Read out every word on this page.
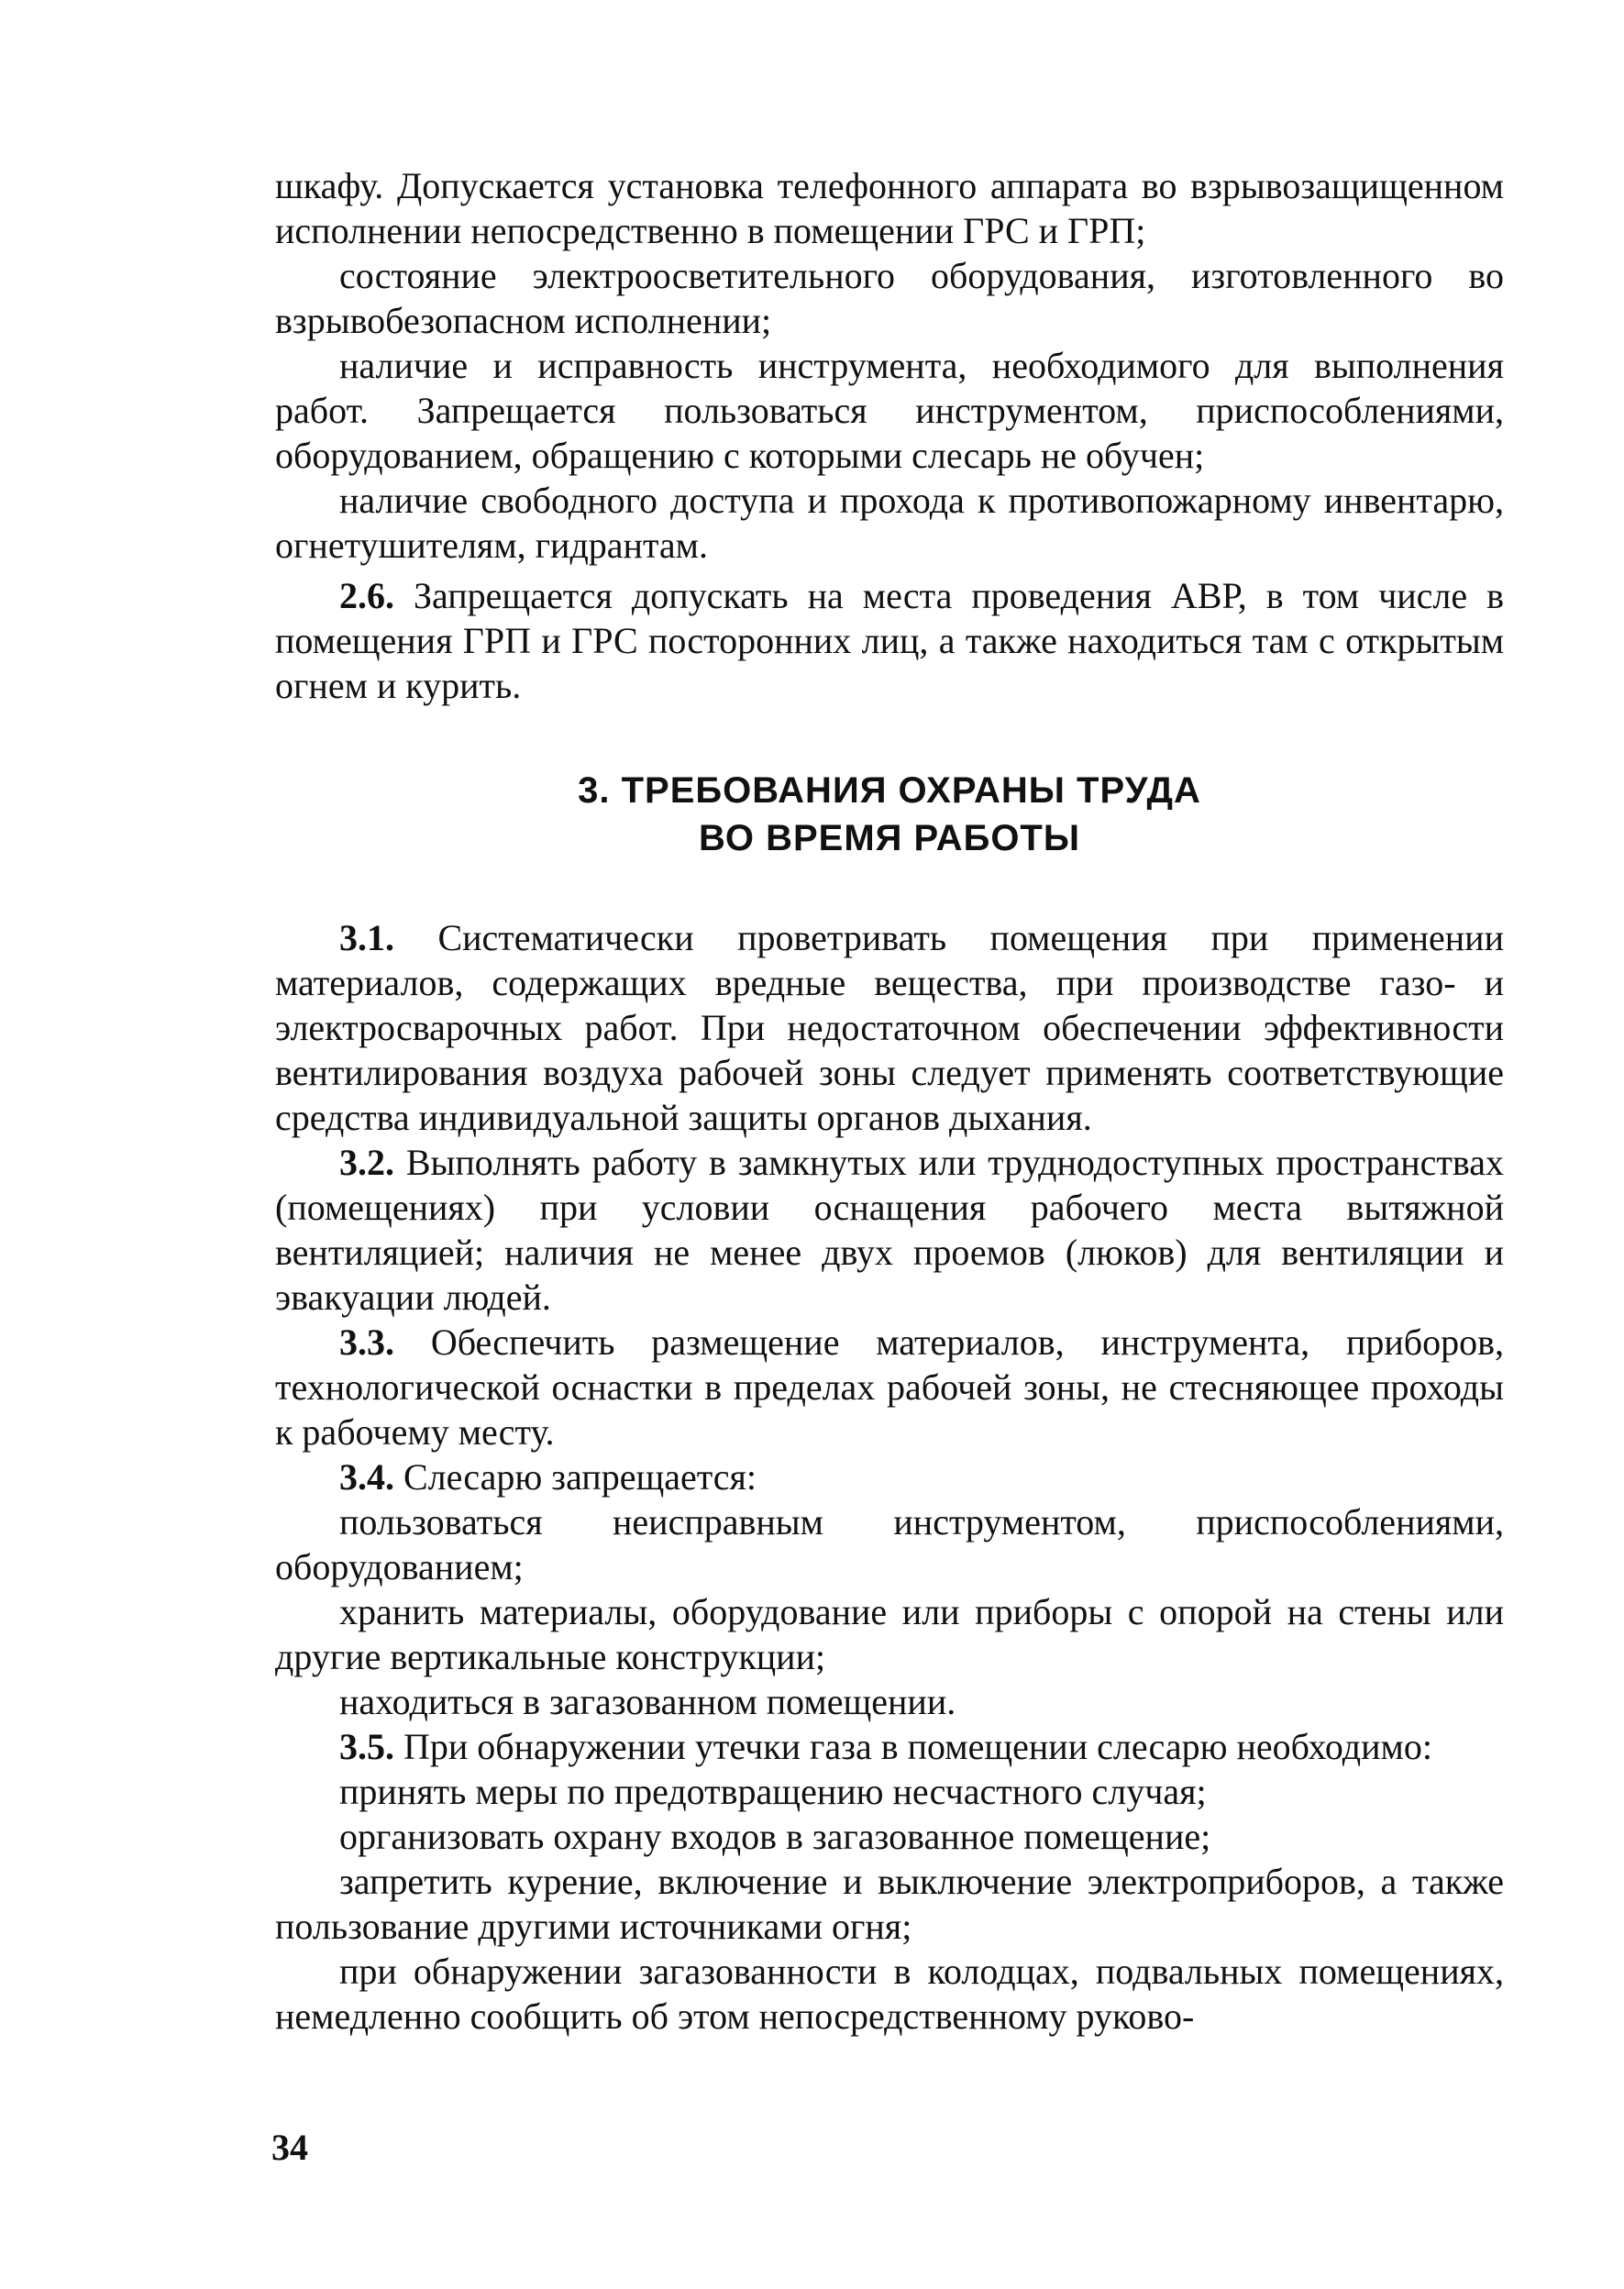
шкафу. Допускается установка телефонного аппарата во взрывозащищенном исполнении непосредственно в помещении ГРС и ГРП;

состояние электроосветительного оборудования, изготовленного во взрывобезопасном исполнении;

наличие и исправность инструмента, необходимого для выполнения работ. Запрещается пользоваться инструментом, приспособлениями, оборудованием, обращению с которыми слесарь не обучен;

наличие свободного доступа и прохода к противопожарному инвентарю, огнетушителям, гидрантам.

2.6. Запрещается допускать на места проведения АВР, в том числе в помещения ГРП и ГРС посторонних лиц, а также находиться там с открытым огнем и курить.

3. ТРЕБОВАНИЯ ОХРАНЫ ТРУДА

ВО ВРЕМЯ РАБОТЫ

3.1. Систематически проветривать помещения при применении материалов, содержащих вредные вещества, при производстве газо- и электросварочных работ. При недостаточном обеспечении эффективности вентилирования воздуха рабочей зоны следует применять соответствующие средства индивидуальной защиты органов дыхания.

3.2. Выполнять работу в замкнутых или труднодоступных пространствах (помещениях) при условии оснащения рабочего места вытяжной вентиляцией; наличия не менее двух проемов (люков) для вентиляции и эвакуации людей.

3.3. Обеспечить размещение материалов, инструмента, приборов, технологической оснастки в пределах рабочей зоны, не стесняющее проходы к рабочему месту.

3.4. Слесарю запрещается:

пользоваться неисправным инструментом, приспособлениями, оборудованием;

хранить материалы, оборудование или приборы с опорой на стены или другие вертикальные конструкции;

находиться в загазованном помещении.

3.5. При обнаружении утечки газа в помещении слесарю необходимо:

принять меры по предотвращению несчастного случая;

организовать охрану входов в загазованное помещение;

запретить курение, включение и выключение электроприборов, а также пользование другими источниками огня;

при обнаружении загазованности в колодцах, подвальных помещениях, немедленно сообщить об этом непосредственному руково-

34
